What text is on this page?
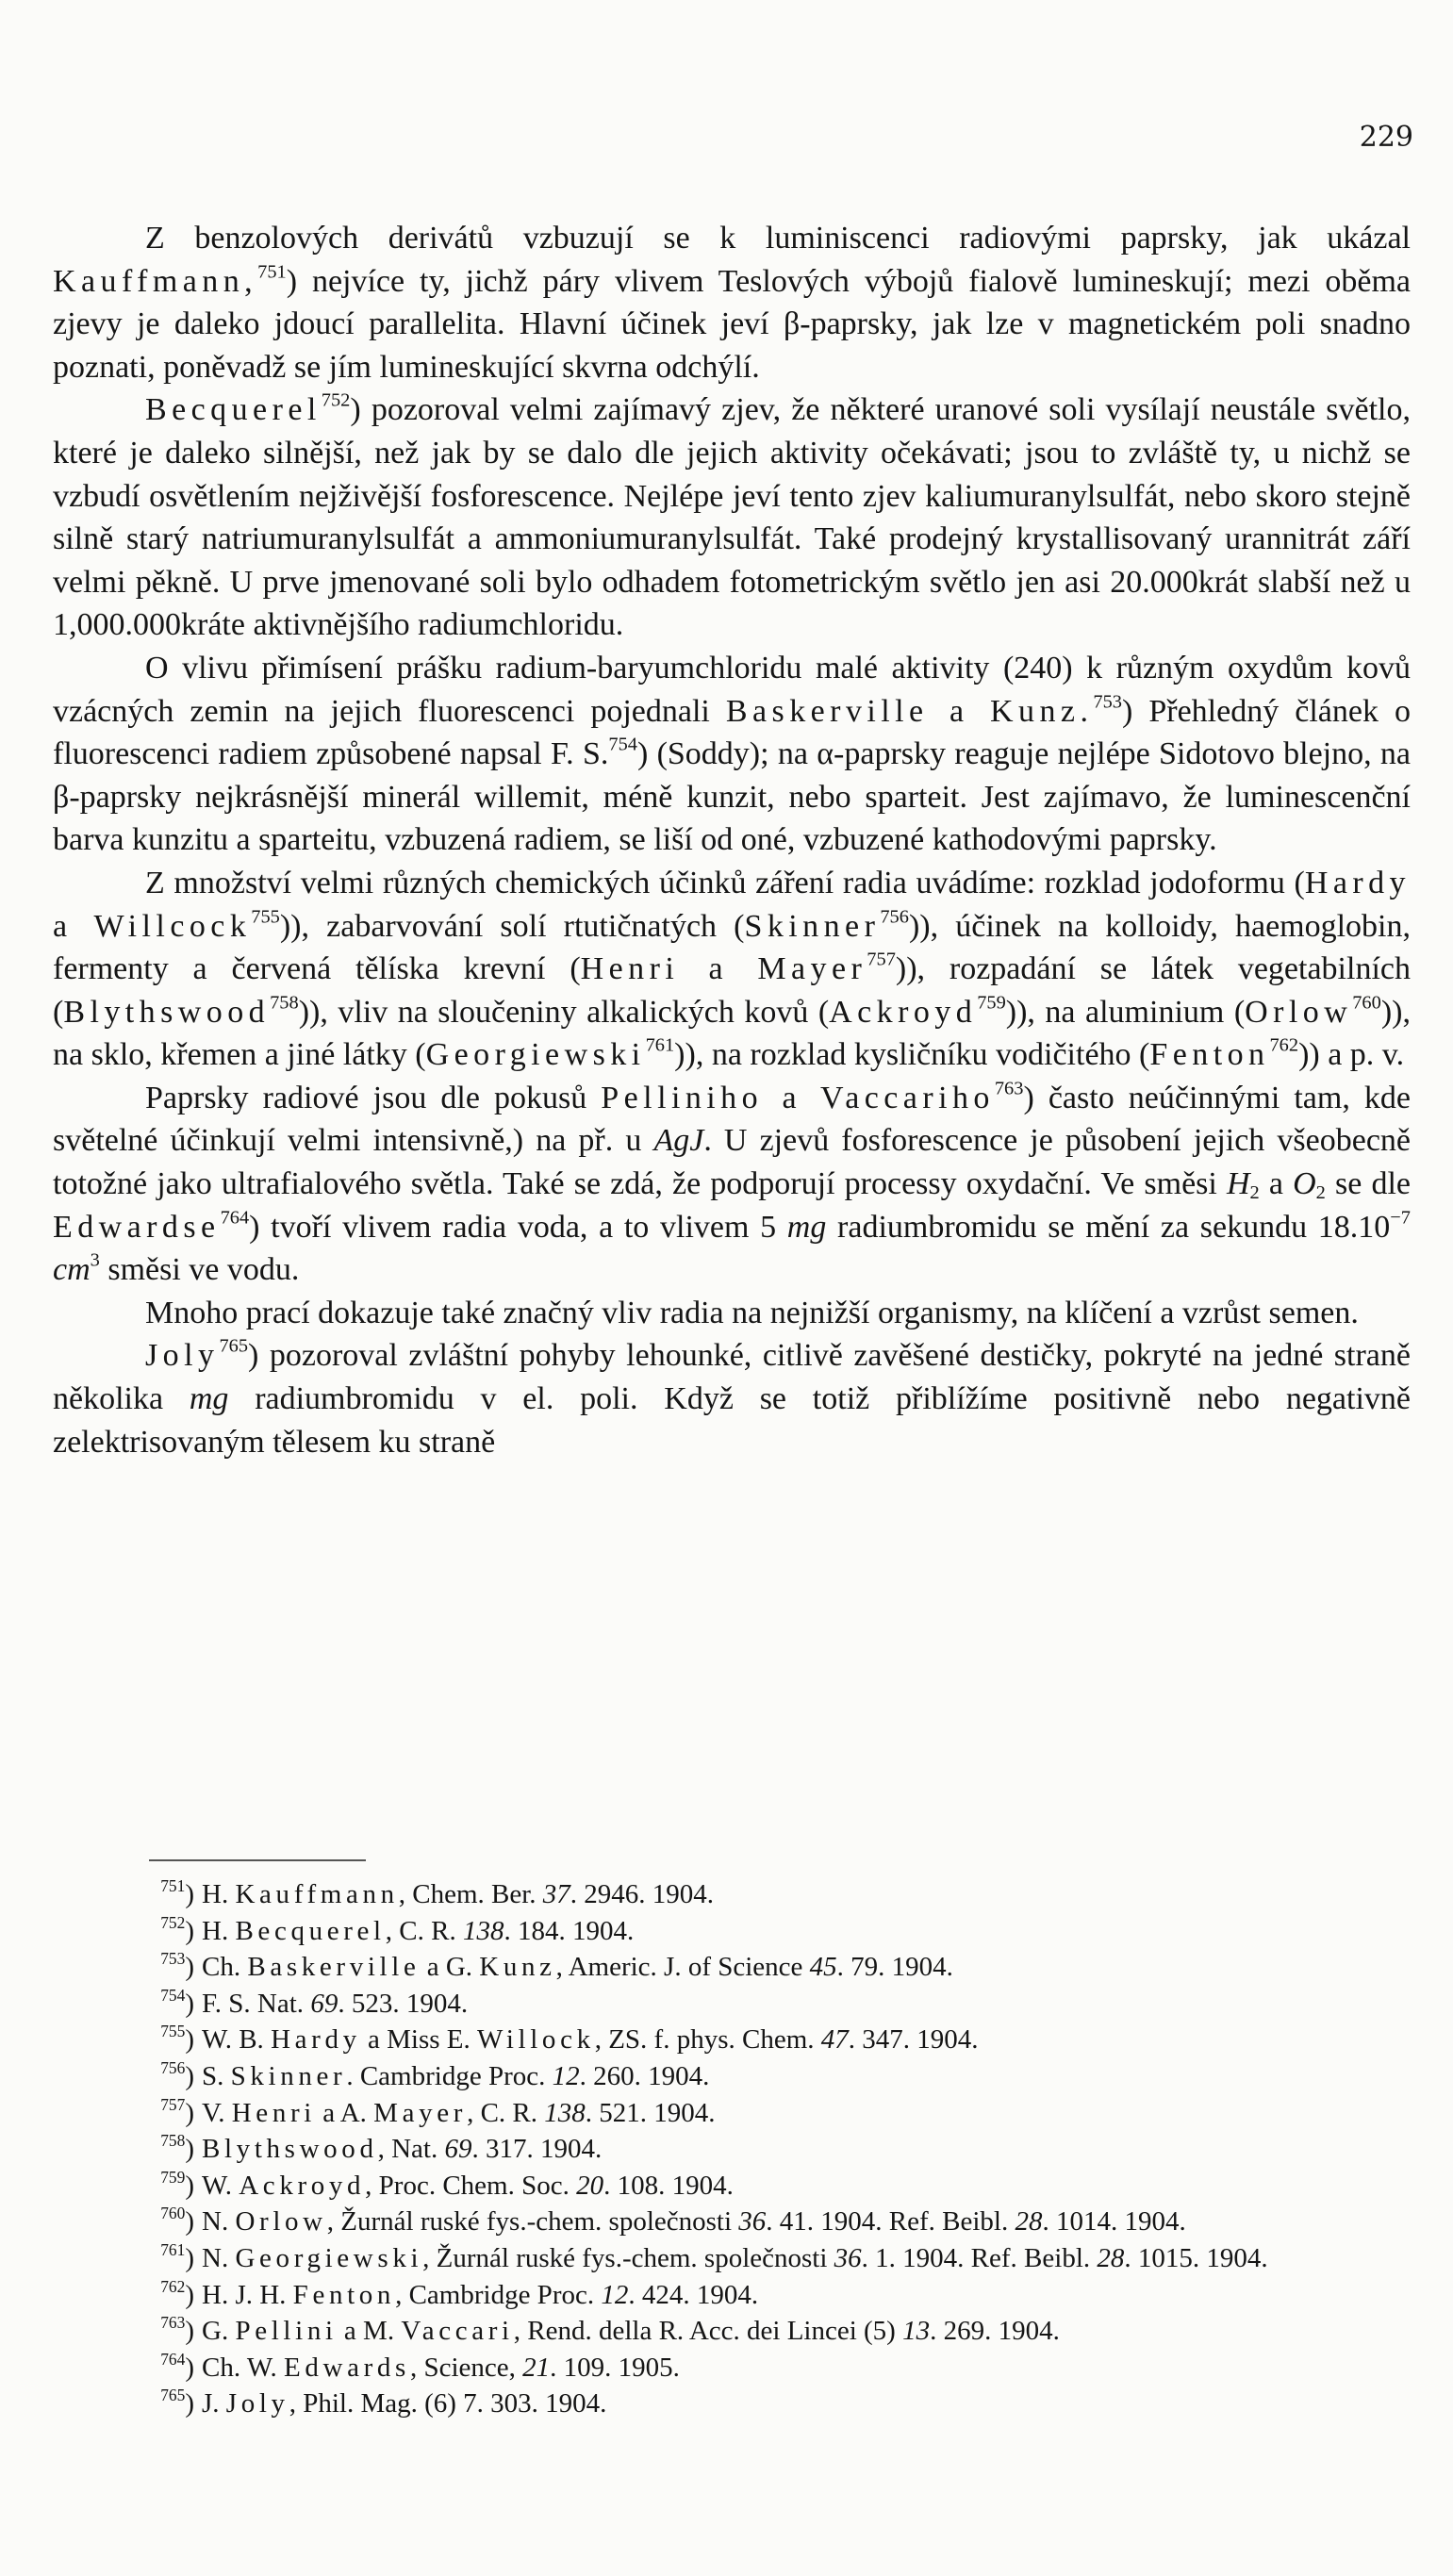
229

Z benzolových derivátů vzbuzují se k luminiscenci radiovými paprsky, jak ukázal Kauffmann,$^{751}$) nejvíce ty, jichž páry vlivem Teslových výbojů fialově lumineskují; mezi oběma zjevy je daleko jdoucí parallelita. Hlavní účinek jeví β-paprsky, jak lze v magnetickém poli snadno poznati, poněvadž se jím lumineskující skvrna odchýlí.

Becquerel$^{752}$) pozoroval velmi zajímavý zjev, že některé uranové soli vysílají neustále světlo, které je daleko silnější, než jak by se dalo dle jejich aktivity očekávati; jsou to zvláště ty, u nichž se vzbudí osvětlením nejživější fosforescence. Nejlépe jeví tento zjev kaliumuranylsulfát, nebo skoro stejně silně starý natriumuranylsulfát a ammoniumuranylsulfát. Také prodejný krystallisovaný urannitrát září velmi pěkně. U prve jmenované soli bylo odhadem fotometrickým světlo jen asi 20.000krát slabší než u 1,000.000kráte aktivnějšího radiumchloridu.

O vlivu přimísení prášku radium-baryumchloridu malé aktivity (240) k různým oxydům kovů vzácných zemin na jejich fluorescenci pojednali Baskerville a Kunz.$^{753}$) Přehledný článek o fluorescenci radiem způsobené napsal F. S.$^{754}$) (Soddy); na α-paprsky reaguje nejlépe Sidotovo blejno, na β-paprsky nejkrásnější minerál willemit, méně kunzit, nebo sparteit. Jest zajímavo, že luminescenční barva kunzitu a sparteitu, vzbuzená radiem, se liší od oné, vzbuzené kathodovými paprsky.

Z množství velmi různých chemických účinků záření radia uvádíme: rozklad jodoformu (Hardy a Willcock$^{755}$)), zabarvování solí rtutičnatých (Skinner$^{756}$)), účinek na kolloidy, haemoglobin, fermenty a červená tělíska krevní (Henri a Mayer$^{757}$)), rozpadání se látek vegetabilních (Blythswood$^{758}$)), vliv na sloučeniny alkalických kovů (Ackroyd$^{759}$)), na aluminium (Orlow$^{760}$)), na sklo, křemen a jiné látky (Georgiewski$^{761}$)), na rozklad kysličníku vodičitého (Fenton$^{762}$)) a p. v.

Paprsky radiové jsou dle pokusů Pelliniho a Vaccariho$^{763}$) často neúčinnými tam, kde světelné účinkují velmi intensivně,) na př. u AgJ. U zjevů fosforescence je působení jejich všeobecně totožné jako ultrafialového světla. Také se zdá, že podporují processy oxydační. Ve směsi $H_2$ a $O_2$ se dle Edwardse$^{764}$) tvoří vlivem radia voda, a to vlivem 5 mg radiumbromidu se mění za sekundu $18.10^{-7}$ $cm^3$ směsi ve vodu.

Mnoho prací dokazuje také značný vliv radia na nejnižší organismy, na klíčení a vzrůst semen.

Joly$^{765}$) pozoroval zvláštní pohyby lehounké, citlivě zavěšené destičky, pokryté na jedné straně několika mg radiumbromidu v el. poli. Když se totiž přiblížíme positivně nebo negativně zelektrisovaným tělesem ku straně

$^{751}$) H. Kauffmann, Chem. Ber. 37. 2946. 1904.

$^{752}$) H. Becquerel, C. R. 138. 184. 1904.

$^{753}$) Ch. Baskerville a G. Kunz, Americ. J. of Science 45. 79. 1904.

$^{754}$) F. S. Nat. 69. 523. 1904.

$^{755}$) W. B. Hardy a Miss E. Willock, ZS. f. phys. Chem. 47. 347. 1904.

$^{756}$) S. Skinner. Cambridge Proc. 12. 260. 1904.

$^{757}$) V. Henri a A. Mayer, C. R. 138. 521. 1904.

$^{758}$) Blythswood, Nat. 69. 317. 1904.

$^{759}$) W. Ackroyd, Proc. Chem. Soc. 20. 108. 1904.

$^{760}$) N. Orlow, Žurnál ruské fys.-chem. společnosti 36. 41. 1904. Ref. Beibl. 28. 1014. 1904.

$^{761}$) N. Georgiewski, Žurnál ruské fys.-chem. společnosti 36. 1. 1904. Ref. Beibl. 28. 1015. 1904.

$^{762}$) H. J. H. Fenton, Cambridge Proc. 12. 424. 1904.

$^{763}$) G. Pellini a M. Vaccari, Rend. della R. Acc. dei Lincei (5) 13. 269. 1904.

$^{764}$) Ch. W. Edwards, Science, 21. 109. 1905.

$^{765}$) J. Joly, Phil. Mag. (6) 7. 303. 1904.
